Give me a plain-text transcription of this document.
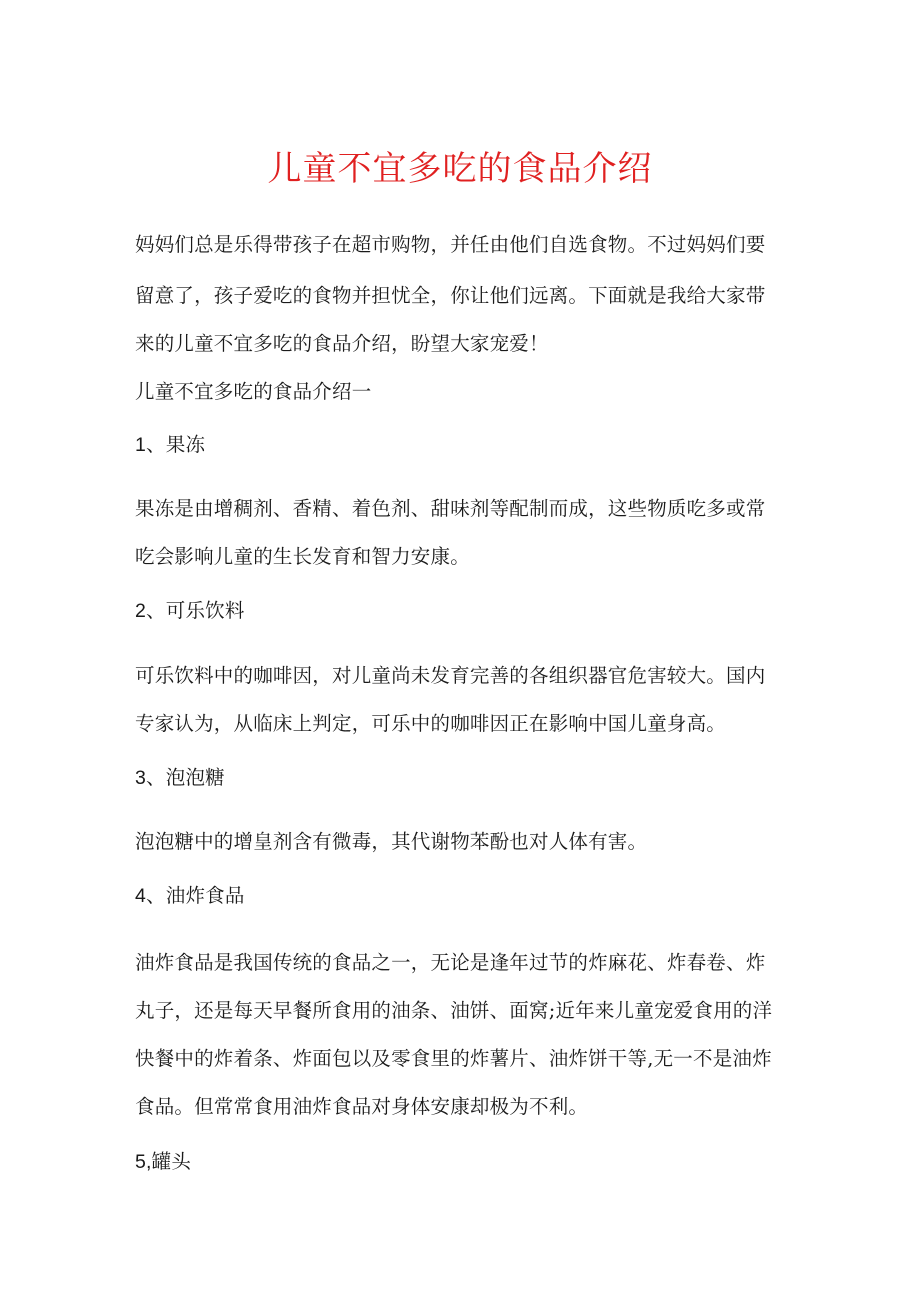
儿童不宜多吃的食品介绍
妈妈们总是乐得带孩子在超市购物，并任由他们自选食物。不过妈妈们要
留意了，孩子爱吃的食物并担忧全，你让他们远离。下面就是我给大家带
来的儿童不宜多吃的食品介绍，盼望大家宠爱！
儿童不宜多吃的食品介绍一
1、果冻
果冻是由增稠剂、香精、着色剂、甜味剂等配制而成，这些物质吃多或常
吃会影响儿童的生长发育和智力安康。
2、可乐饮料
可乐饮料中的咖啡因，对儿童尚未发育完善的各组织器官危害较大。国内
专家认为，从临床上判定，可乐中的咖啡因正在影响中国儿童身高。
3、泡泡糖
泡泡糖中的增皇剂含有微毒，其代谢物苯酚也对人体有害。
4、油炸食品
油炸食品是我国传统的食品之一，无论是逢年过节的炸麻花、炸春卷、炸
丸子，还是每天早餐所食用的油条、油饼、面窝;近年来儿童宠爱食用的洋
快餐中的炸着条、炸面包以及零食里的炸薯片、油炸饼干等,无一不是油炸
食品。但常常食用油炸食品对身体安康却极为不利。
5,罐头
